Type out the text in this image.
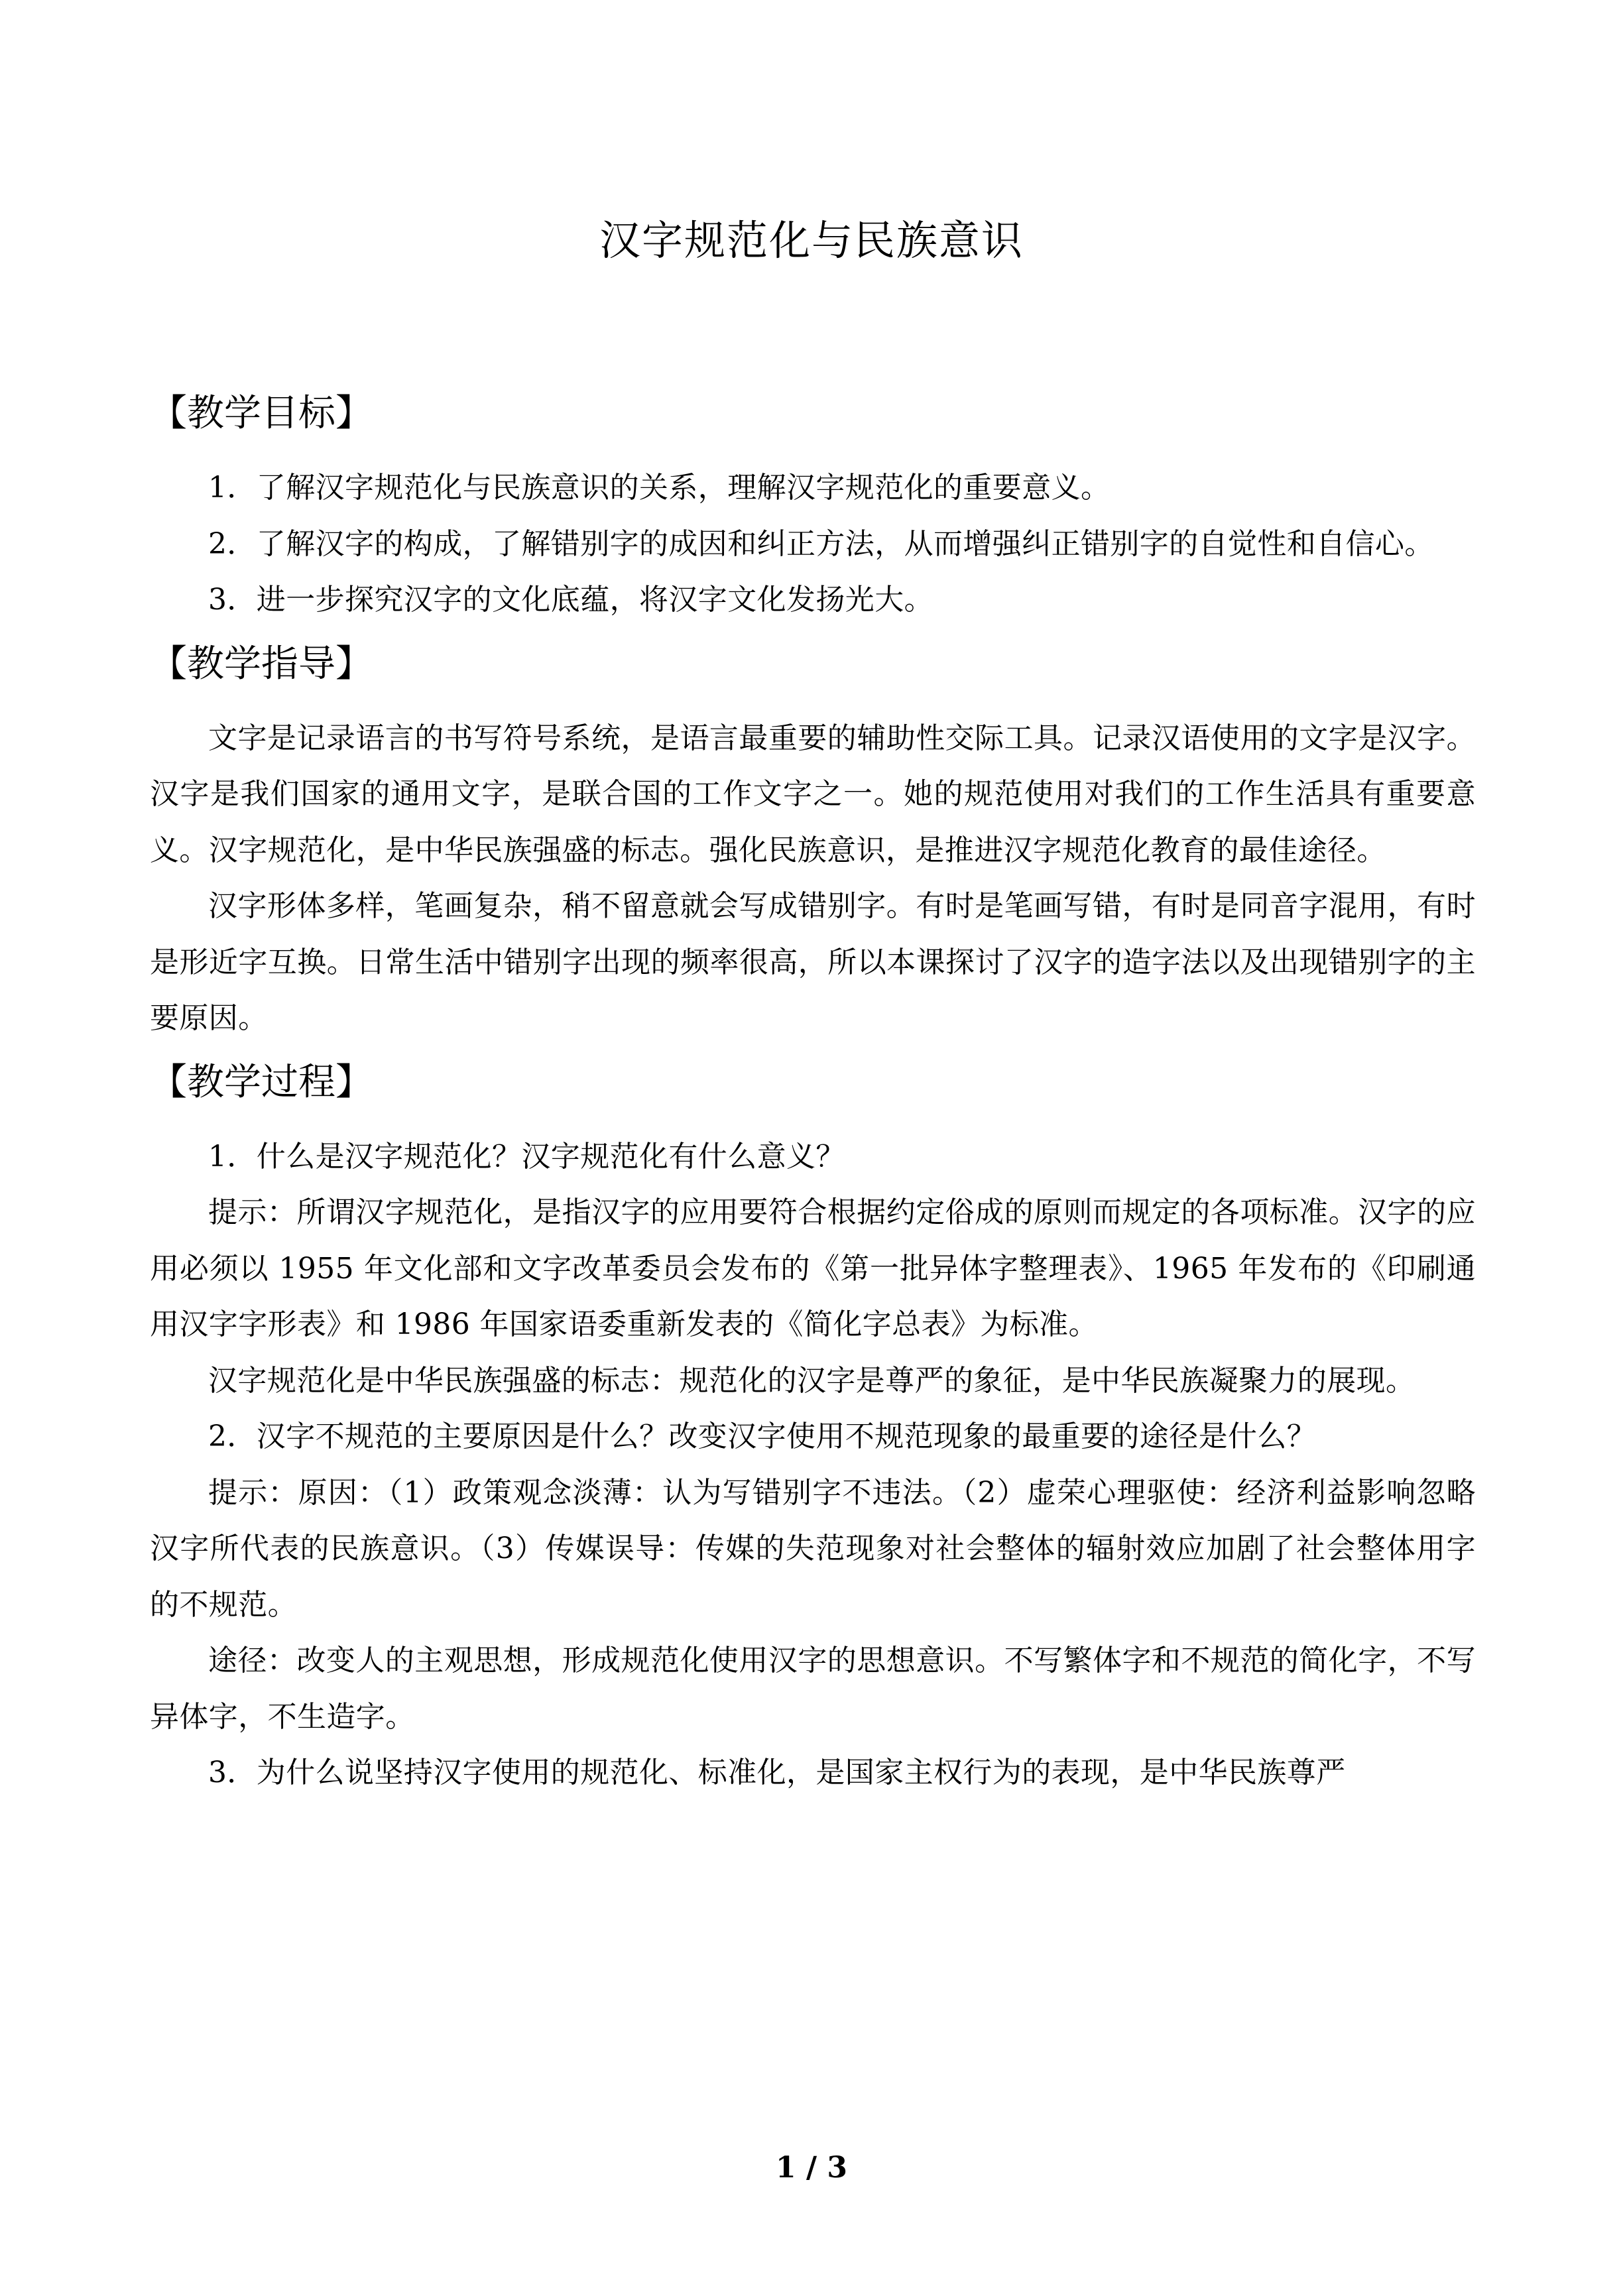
汉字规范化与民族意识
【教学目标】

1．了解汉字规范化与民族意识的关系，理解汉字规范化的重要意义。

2．了解汉字的构成，了解错别字的成因和纠正方法，从而增强纠正错别字的自觉性和自信心。

3．进一步探究汉字的文化底蕴，将汉字文化发扬光大。

【教学指导】

文字是记录语言的书写符号系统，是语言最重要的辅助性交际工具。记录汉语使用的文字是汉字。汉字是我们国家的通用文字，是联合国的工作文字之一。她的规范使用对我们的工作生活具有重要意义。汉字规范化，是中华民族强盛的标志。强化民族意识，是推进汉字规范化教育的最佳途径。

汉字形体多样，笔画复杂，稍不留意就会写成错别字。有时是笔画写错，有时是同音字混用，有时是形近字互换。日常生活中错别字出现的频率很高，所以本课探讨了汉字的造字法以及出现错别字的主要原因。

【教学过程】

1．什么是汉字规范化？汉字规范化有什么意义？

提示：所谓汉字规范化，是指汉字的应用要符合根据约定俗成的原则而规定的各项标准。汉字的应用必须以 1955 年文化部和文字改革委员会发布的《第一批异体字整理表》、1965 年发布的《印刷通用汉字字形表》和 1986 年国家语委重新发表的《简化字总表》为标准。

汉字规范化是中华民族强盛的标志：规范化的汉字是尊严的象征，是中华民族凝聚力的展现。

2．汉字不规范的主要原因是什么？改变汉字使用不规范现象的最重要的途径是什么？

提示：原因：（1）政策观念淡薄：认为写错别字不违法。（2）虚荣心理驱使：经济利益影响忽略汉字所代表的民族意识。（3）传媒误导：传媒的失范现象对社会整体的辐射效应加剧了社会整体用字的不规范。

途径：改变人的主观思想，形成规范化使用汉字的思想意识。不写繁体字和不规范的简化字，不写异体字，不生造字。

3．为什么说坚持汉字使用的规范化、标准化，是国家主权行为的表现，是中华民族尊严

1 / 3
